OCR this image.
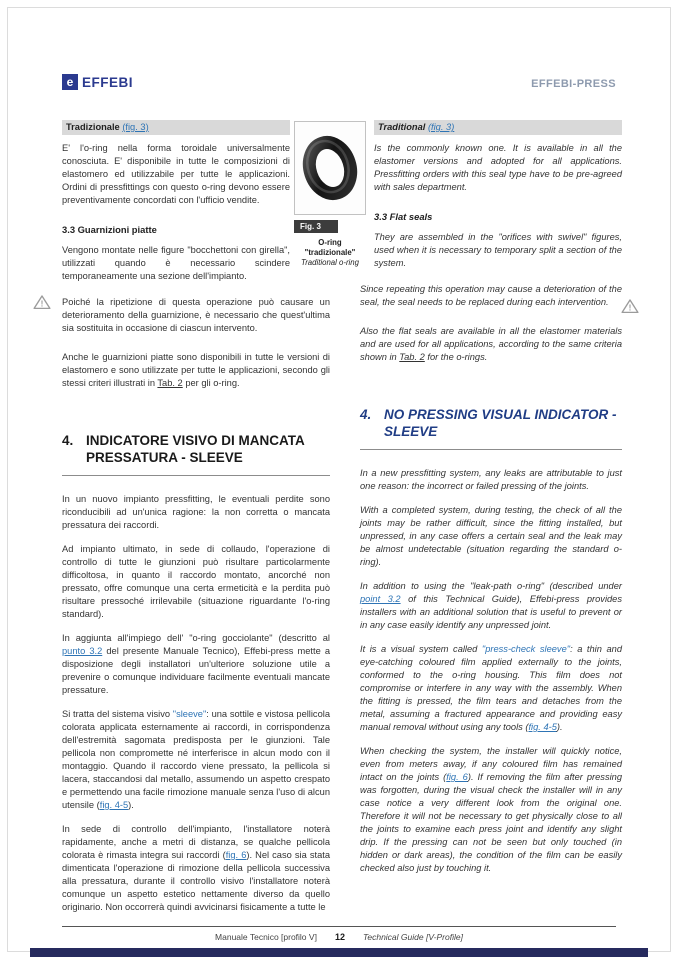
e EFFEBI	EFFEBI-PRESS
Tradizionale (fig. 3)

E' l'o-ring nella forma toroidale universalmente conosciuta. E' disponibile in tutte le composizioni di elastomero ed utilizzabile per tutte le applicazioni. Ordini di pressfittings con questo o-ring devono essere preventivamente concordati con l'ufficio vendite.

3.3 Guarnizioni piatte

Vengono montate nelle figure "bocchettoni con girella", utilizzati quando è necessario scindere temporaneamente una sezione dell'impianto.

Poiché la ripetizione di questa operazione può causare un deterioramento della guarnizione, è necessario che quest'ultima sia sostituita in occasione di ciascun intervento.

Anche le guarnizioni piatte sono disponibili in tutte le versioni di elastomero e sono utilizzate per tutte le applicazioni, secondo gli stessi criteri illustrati in Tab. 2 per gli o-ring.

4. INDICATORE VISIVO DI MANCATA PRESSATURA - SLEEVE

In un nuovo impianto pressfitting, le eventuali perdite sono riconducibili ad un'unica ragione: la non corretta o mancata pressatura dei raccordi.

Ad impianto ultimato, in sede di collaudo, l'operazione di controllo di tutte le giunzioni può risultare particolarmente difficoltosa, in quanto il raccordo montato, ancorché non pressato, offre comunque una certa ermeticità e la perdita può risultare pressoché irrilevabile (situazione riguardante l'o-ring standard).

In aggiunta all'impiego dell' "o-ring gocciolante" (descritto al punto 3.2 del presente Manuale Tecnico), Effebi-press mette a disposizione degli installatori un'ulteriore soluzione utile a prevenire o comunque individuare facilmente eventuali mancate pressature.

Si tratta del sistema visivo "sleeve": una sottile e vistosa pellicola colorata applicata esternamente ai raccordi, in corrispondenza dell'estremità sagomata predisposta per le giunzioni. Tale pellicola non compromette né interferisce in alcun modo con il montaggio. Quando il raccordo viene pressato, la pellicola si lacera, staccandosi dal metallo, assumendo un aspetto crespato e permettendo una facile rimozione manuale senza l'uso di alcun utensile (fig. 4-5).

In sede di controllo dell'impianto, l'installatore noterà rapidamente, anche a metri di distanza, se qualche pellicola colorata è rimasta integra sui raccordi (fig. 6). Nel caso sia stata dimenticata l'operazione di rimozione della pellicola successiva alla pressatura, durante il controllo visivo l'installatore noterà comunque un aspetto estetico nettamente diverso da quello originario. Non occorrerà quindi avvicinarsi fisicamente a tutte le

Fig. 3
O-ring "tradizionale"
Traditional o-ring
Traditional (fig. 3)

Is the commonly known one. It is available in all the elastomer versions and adopted for all applications. Pressfitting orders with this seal type have to be pre-agreed with sales department.

3.3 Flat seals

They are assembled in the "orifices with swivel" figures, used when it is necessary to temporary split a section of the system.

Since repeating this operation may cause a deterioration of the seal, the seal needs to be replaced during each intervention.

Also the flat seals are available in all the elastomer materials and are used for all applications, according to the same criteria shown in Tab. 2 for the o-rings.

4. NO PRESSING VISUAL INDICATOR - SLEEVE

In a new pressfitting system, any leaks are attributable to just one reason: the incorrect or failed pressing of the joints.

With a completed system, during testing, the check of all the joints may be rather difficult, since the fitting installed, but unpressed, in any case offers a certain seal and the leak may be almost undetectable (situation regarding the standard o-ring).

In addition to using the "leak-path o-ring" (described under point 3.2 of this Technical Guide), Effebi-press provides installers with an additional solution that is useful to prevent or in any case easily identify any unpressed joint.

It is a visual system called "press-check sleeve": a thin and eye-catching coloured film applied externally to the joints, conformed to the o-ring housing. This film does not compromise or interfere in any way with the assembly. When the fitting is pressed, the film tears and detaches from the metal, assuming a fractured appearance and providing easy manual removal without using any tools (fig. 4-5).

When checking the system, the installer will quickly notice, even from meters away, if any coloured film has remained intact on the joints (fig. 6). If removing the film after pressing was forgotten, during the visual check the installer will in any case notice a very different look from the original one. Therefore it will not be necessary to get physically close to all the joints to examine each press joint and identify any slight drip. If the pressing can not be seen but only touched (in hidden or dark areas), the condition of the film can be easily checked also just by touching it.

!	!
Manuale Tecnico [profilo V] 12 Technical Guide [V-Profile]
